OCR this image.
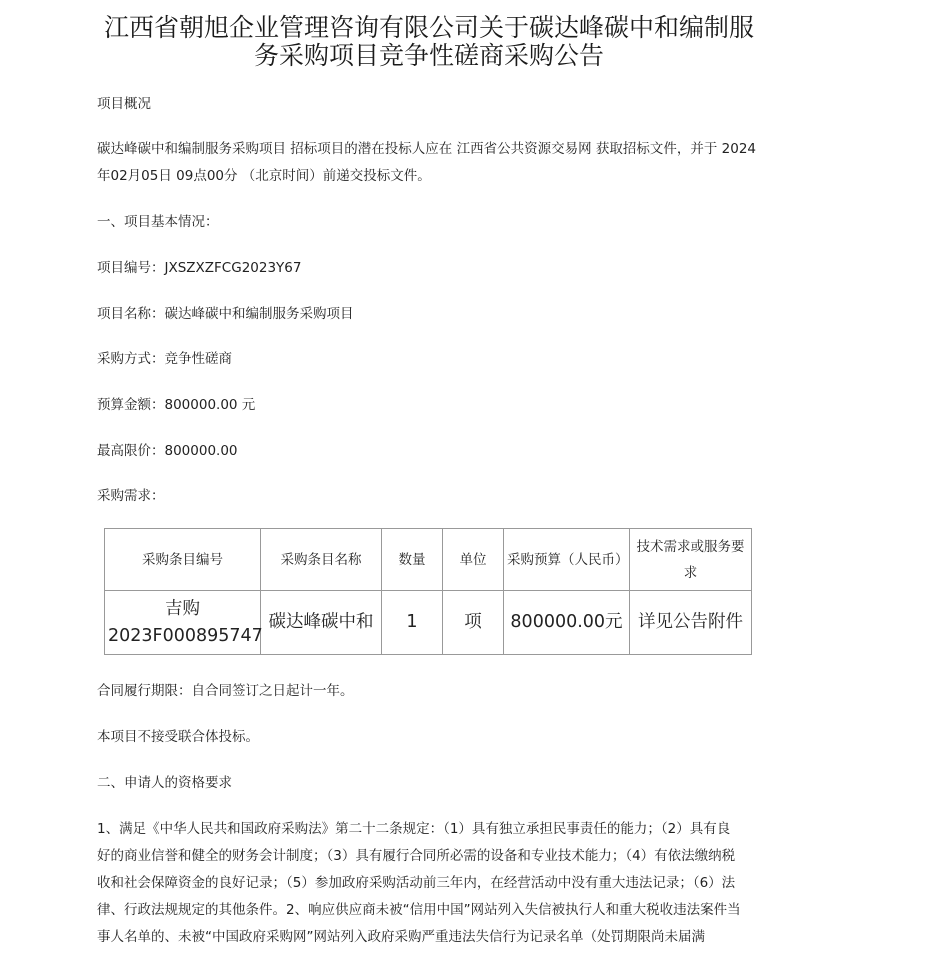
江西省朝旭企业管理咨询有限公司关于碳达峰碳中和编制服
务采购项目竞争性磋商采购公告

项目概况

碳达峰碳中和编制服务采购项目 招标项目的潜在投标人应在 江西省公共资源交易网 获取招标文件，并于 2024
年02月05日 09点00分 （北京时间）前递交投标文件。

一、项目基本情况：

项目编号：JXSZXZFCG2023Y67

项目名称：碳达峰碳中和编制服务采购项目

采购方式：竞争性磋商

预算金额：800000.00 元

最高限价：800000.00

采购需求：

采购条目编号	采购条目名称	数量	单位	采购预算（人民币）	技术需求或服务要求
吉购2023F000895747	碳达峰碳中和	1	项	800000.00元	详见公告附件

合同履行期限：自合同签订之日起计一年。

本项目不接受联合体投标。

二、申请人的资格要求

1、满足《中华人民共和国政府采购法》第二十二条规定：（1）具有独立承担民事责任的能力；（2）具有良
好的商业信誉和健全的财务会计制度；（3）具有履行合同所必需的设备和专业技术能力；（4）有依法缴纳税
收和社会保障资金的良好记录；（5）参加政府采购活动前三年内，在经营活动中没有重大违法记录；（6）法
律、行政法规规定的其他条件。2、响应供应商未被“信用中国”网站列入失信被执行人和重大税收违法案件当
事人名单的、未被“中国政府采购网”网站列入政府采购严重违法失信行为记录名单（处罚期限尚未届满
